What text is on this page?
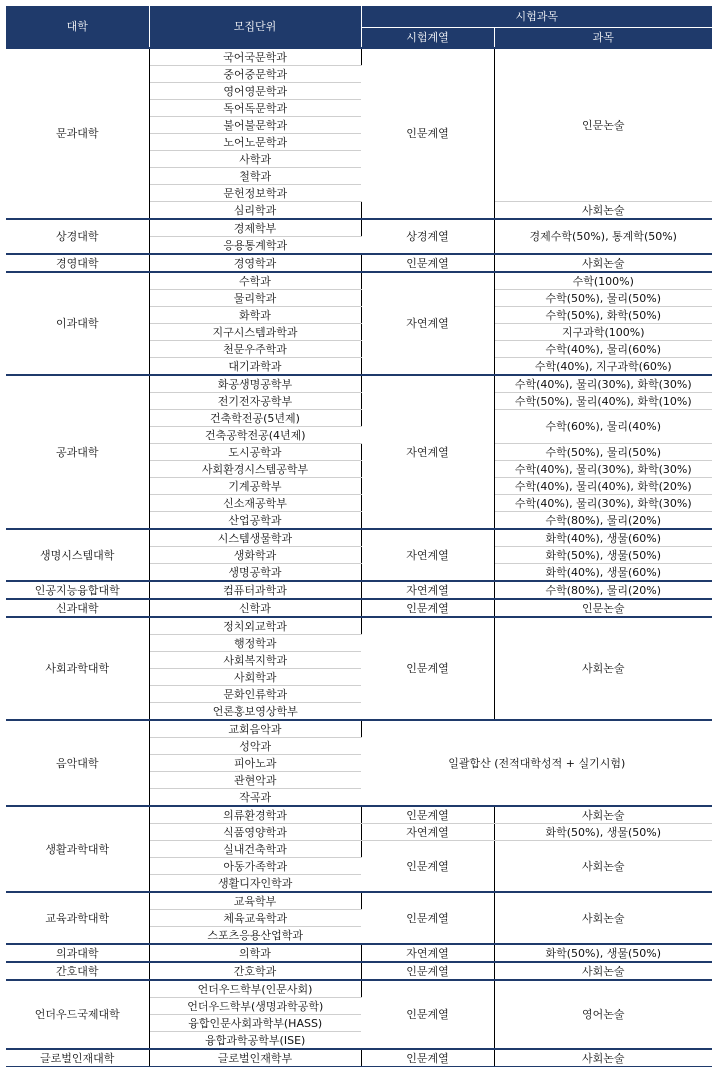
대학	모집단위	시험과목	
		시험계열	과목
문과대학	국어국문학과	인문계열	인문논술
	중어중문학과		
	영어영문학과		
	독어독문학과		
	불어불문학과		
	노어노문학과		
	사학과		
	철학과		
	문헌정보학과		
	심리학과		사회논술
상경대학	경제학부	상경계열	경제수학(50%), 통계학(50%)
	응용통계학과		
경영대학	경영학과	인문계열	사회논술
이과대학	수학과	자연계열	수학(100%)
	물리학과		수학(50%), 물리(50%)
	화학과		수학(50%), 화학(50%)
	지구시스템과학과		지구과학(100%)
	천문우주학과		수학(40%), 물리(60%)
	대기과학과		수학(40%), 지구과학(60%)
공과대학	화공생명공학부	자연계열	수학(40%), 물리(30%), 화학(30%)
	전기전자공학부		수학(50%), 물리(40%), 화학(10%)
	건축학전공(5년제)		수학(60%), 물리(40%)
	건축공학전공(4년제)		
	도시공학과		수학(50%), 물리(50%)
	사회환경시스템공학부		수학(40%), 물리(30%), 화학(30%)
	기계공학부		수학(40%), 물리(40%), 화학(20%)
	신소재공학부		수학(40%), 물리(30%), 화학(30%)
	산업공학과		수학(80%), 물리(20%)
생명시스템대학	시스템생물학과	자연계열	화학(40%), 생물(60%)
	생화학과		화학(50%), 생물(50%)
	생명공학과		화학(40%), 생물(60%)
인공지능융합대학	컴퓨터과학과	자연계열	수학(80%), 물리(20%)
신과대학	신학과	인문계열	인문논술
사회과학대학	정치외교학과	인문계열	사회논술
	행정학과		
	사회복지학과		
	사회학과		
	문화인류학과		
	언론홍보영상학부		
음악대학	교회음악과	일괄합산 (전적대학성적 + 실기시험)	
	성악과		
	피아노과		
	관현악과		
	작곡과		
생활과학대학	의류환경학과	인문계열	사회논술
	식품영양학과	자연계열	화학(50%), 생물(50%)
	실내건축학과	인문계열	사회논술
	아동가족학과		
	생활디자인학과		
교육과학대학	교육학부	인문계열	사회논술
	체육교육학과		
	스포츠응용산업학과		
의과대학	의학과	자연계열	화학(50%), 생물(50%)
간호대학	간호학과	인문계열	사회논술
언더우드국제대학	언더우드학부(인문사회)	인문계열	영어논술
	언더우드학부(생명과학공학)		
	융합인문사회과학부(HASS)		
	융합과학공학부(ISE)		
글로벌인재대학	글로벌인재학부	인문계열	사회논술
